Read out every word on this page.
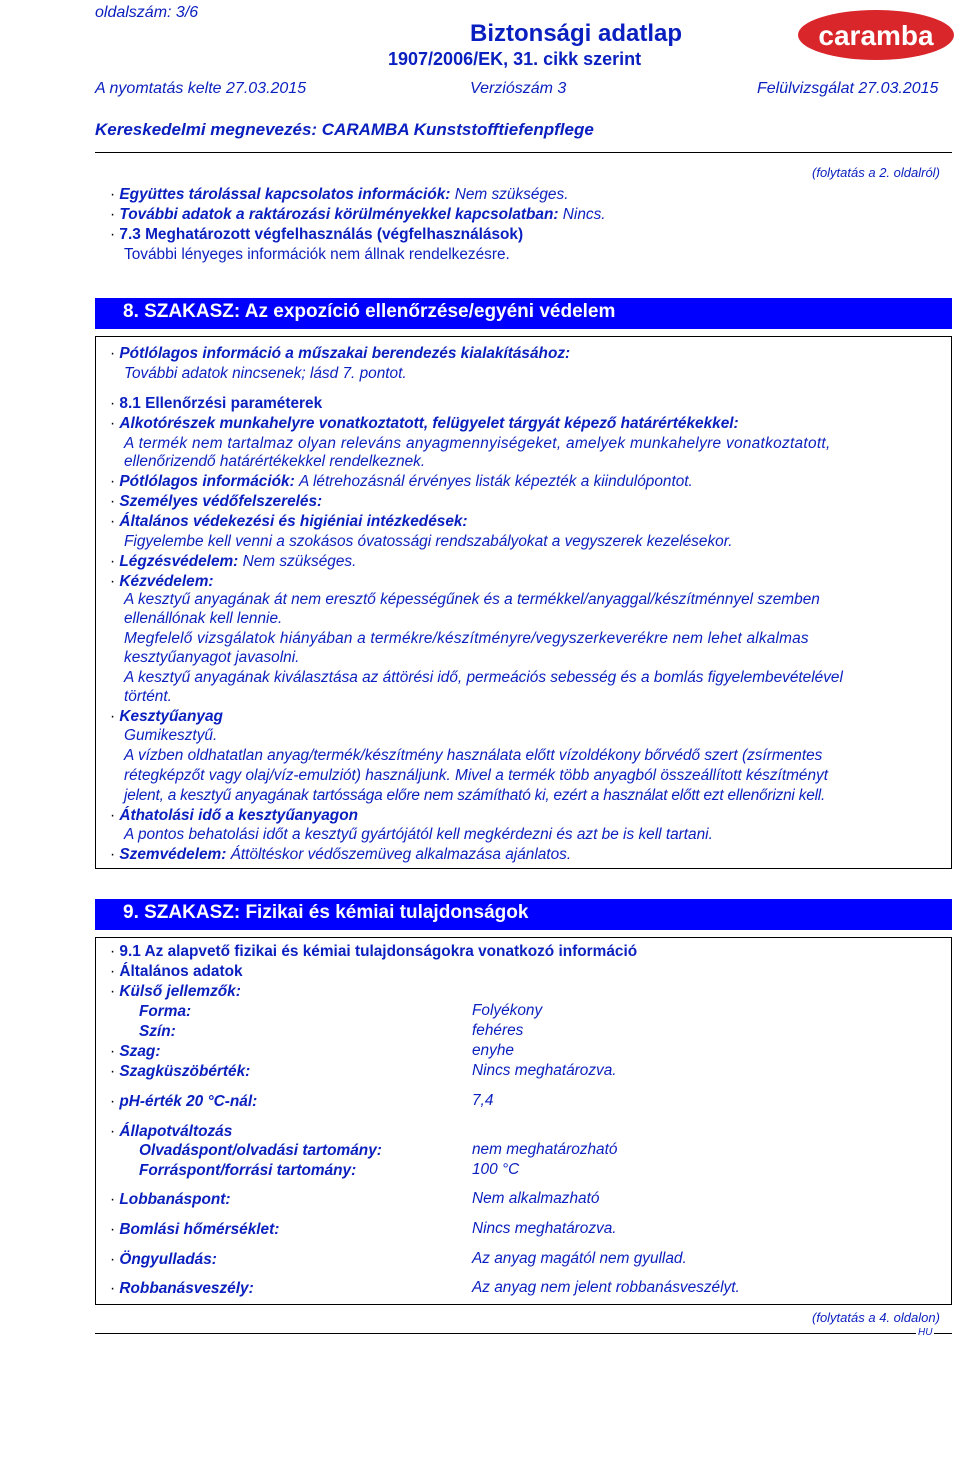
oldalszám: 3/6
Biztonsági adatlap
1907/2006/EK, 31. cikk szerint
caramba
A nyomtatás kelte 27.03.2015	Verziószám 3	Felülvizsgálat 27.03.2015
Kereskedelmi megnevezés: CARAMBA Kunststofftiefenpflege
(folytatás a 2. oldalról)
· Együttes tárolással kapcsolatos információk: Nem szükséges.
· További adatok a raktározási körülményekkel kapcsolatban: Nincs.
· 7.3 Meghatározott végfelhasználás (végfelhasználások)
További lényeges információk nem állnak rendelkezésre.
8. SZAKASZ: Az expozíció ellenőrzése/egyéni védelem
· Pótlólagos információ a műszakai berendezés kialakításához:
További adatok nincsenek; lásd 7. pontot.
· 8.1 Ellenőrzési paraméterek
· Alkotórészek munkahelyre vonatkoztatott, felügyelet tárgyát képező határértékekkel:
A termék nem tartalmaz olyan releváns anyagmennyiségeket, amelyek munkahelyre vonatkoztatott,
ellenőrizendő határértékekkel rendelkeznek.
· Pótlólagos információk: A létrehozásnál érvényes listák képezték a kiindulópontot.
· Személyes védőfelszerelés:
· Általános védekezési és higiéniai intézkedések:
Figyelembe kell venni a szokásos óvatossági rendszabályokat a vegyszerek kezelésekor.
· Légzésvédelem: Nem szükséges.
· Kézvédelem:
A kesztyű anyagának át nem eresztő képességűnek és a termékkel/anyaggal/készítménnyel szemben
ellenállónak kell lennie.
Megfelelő vizsgálatok hiányában a termékre/készítményre/vegyszerkeverékre nem lehet alkalmas
kesztyűanyagot javasolni.
A kesztyű anyagának kiválasztása az áttörési idő, permeációs sebesség és a bomlás figyelembevételével
történt.
· Kesztyűanyag
Gumikesztyű.
A vízben oldhatatlan anyag/termék/készítmény használata előtt vízoldékony bőrvédő szert (zsírmentes
rétegképzőt vagy olaj/víz-emulziót) használjunk. Mivel a termék több anyagból összeállított készítményt
jelent, a kesztyű anyagának tartóssága előre nem számítható ki, ezért a használat előtt ezt ellenőrizni kell.
· Áthatolási idő a kesztyűanyagon
A pontos behatolási időt a kesztyű gyártójától kell megkérdezni és azt be is kell tartani.
· Szemvédelem: Áttöltéskor védőszemüveg alkalmazása ajánlatos.
9. SZAKASZ: Fizikai és kémiai tulajdonságok
· 9.1 Az alapvető fizikai és kémiai tulajdonságokra vonatkozó információ
· Általános adatok
· Külső jellemzők:
Forma:	Folyékony
Szín:	fehéres
· Szag:	enyhe
· Szagküszöbérték:	Nincs meghatározva.
· pH-érték 20 °C-nál:	7,4
· Állapotváltozás
Olvadáspont/olvadási tartomány:	nem meghatározható
Forráspont/forrási tartomány:	100 °C
· Lobbanáspont:	Nem alkalmazható
· Bomlási hőmérséklet:	Nincs meghatározva.
· Öngyulladás:	Az anyag magától nem gyullad.
· Robbanásveszély:	Az anyag nem jelent robbanásveszélyt.
(folytatás a 4. oldalon)
HU
